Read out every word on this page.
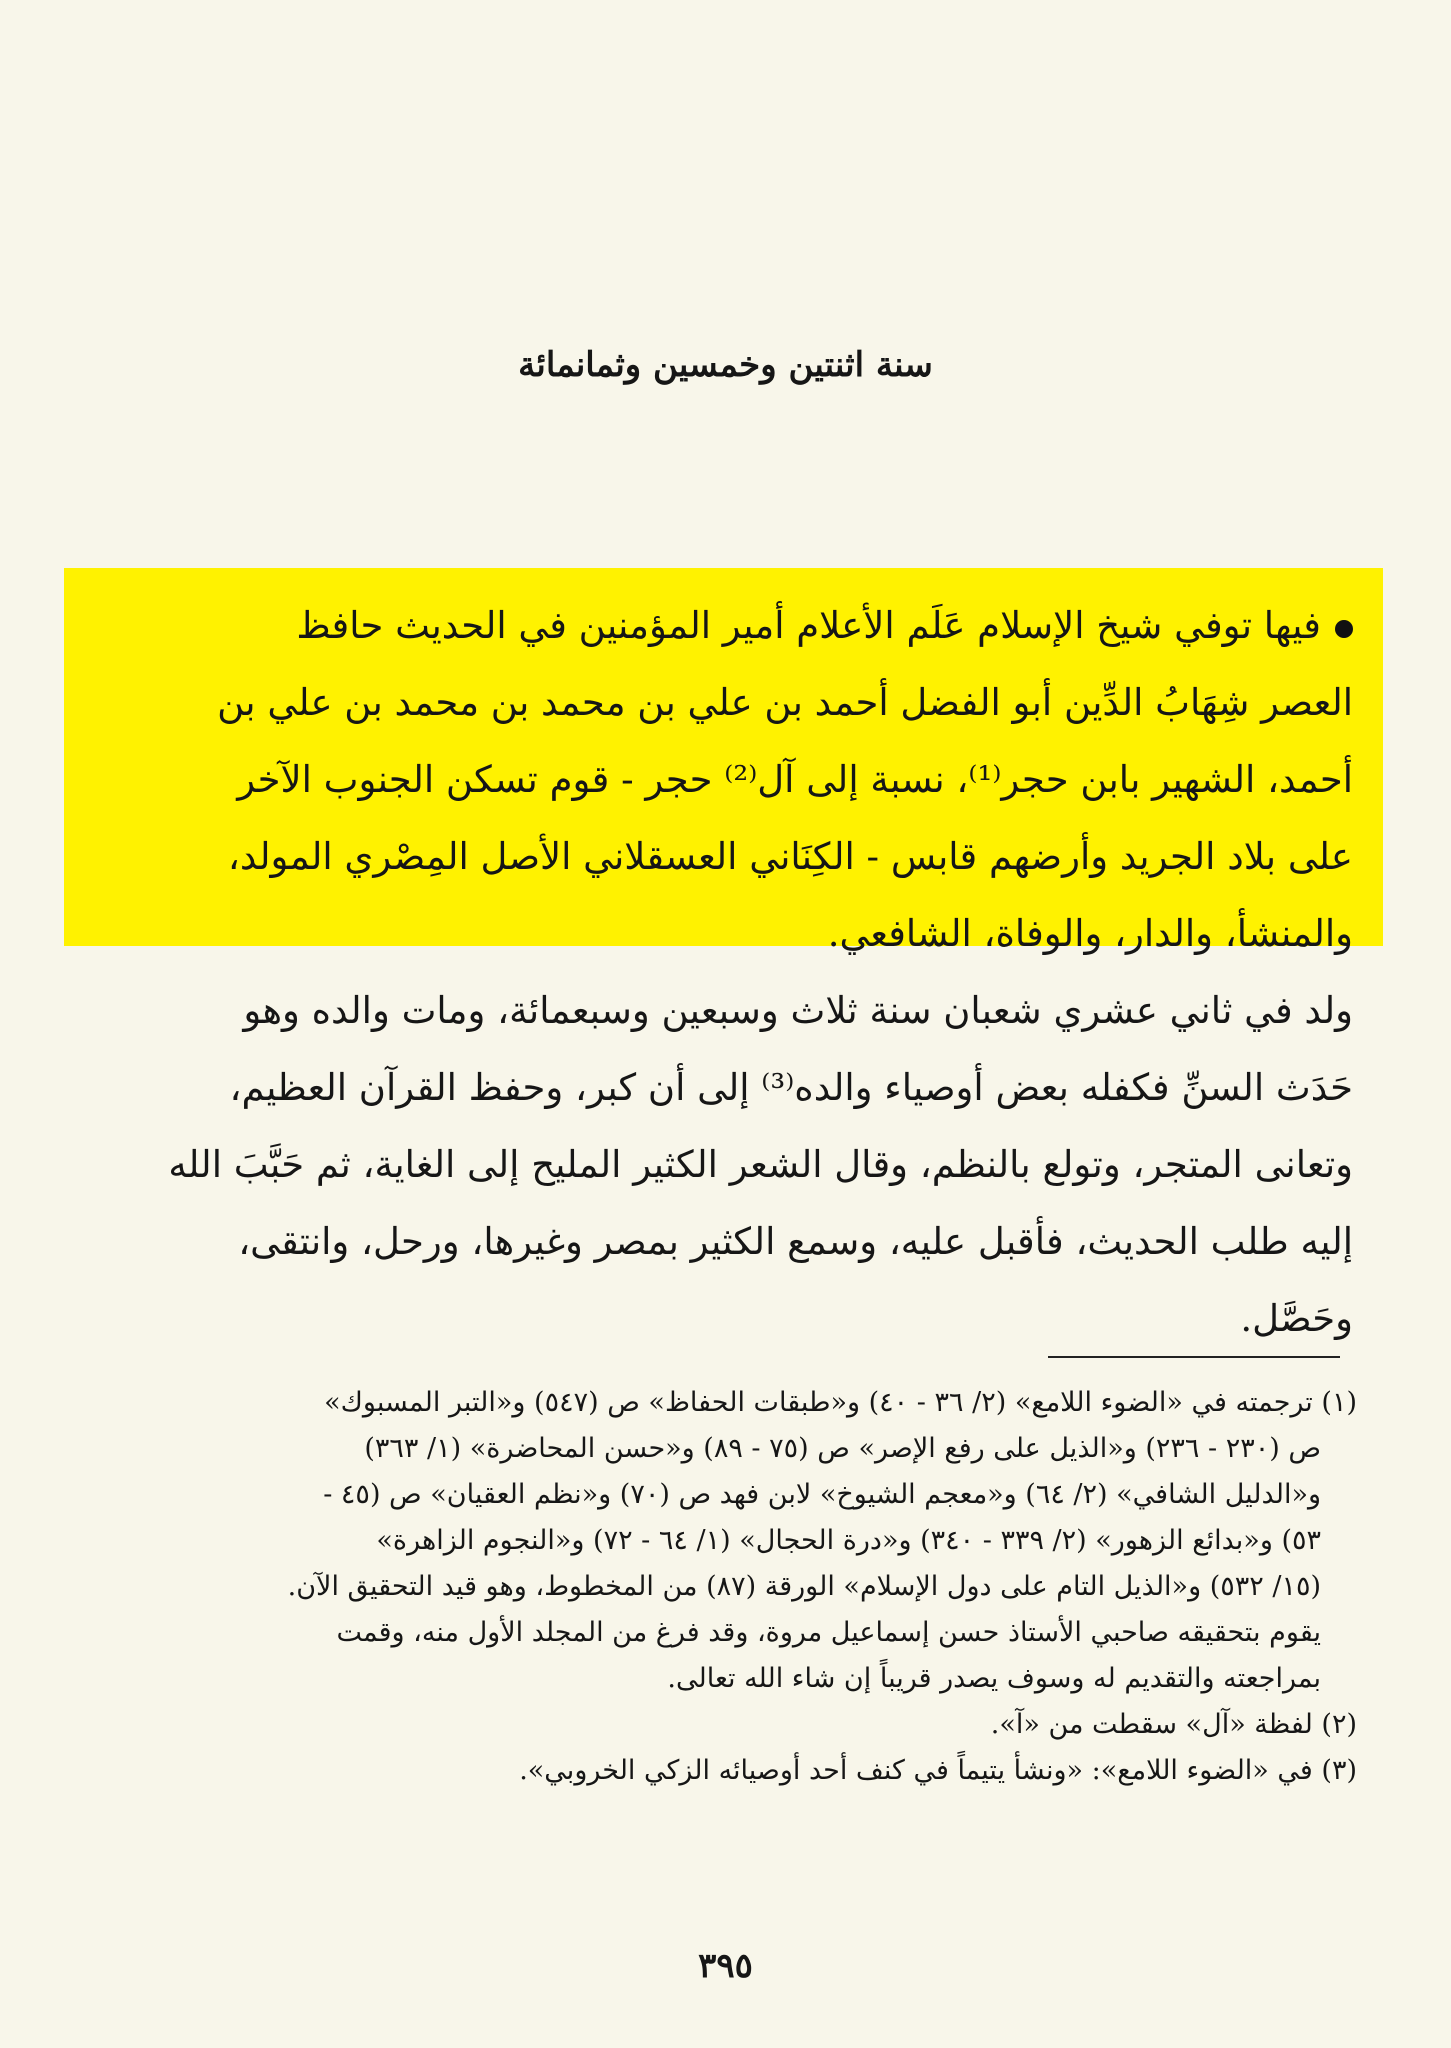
سنة اثنتين وخمسين وثمانمائة
فيها توفي شيخ الإسلام عَلَم الأعلام أمير المؤمنين في الحديث حافظ
العصر شِهَابُ الدِّين أبو الفضل أحمد بن علي بن محمد بن محمد بن علي بن
أحمد، الشهير بابن حجر⁽¹⁾، نسبة إلى آل⁽²⁾ حجر - قوم تسكن الجنوب الآخر
على بلاد الجريد وأرضهم قابس - الكِنَاني العسقلاني الأصل المِصْري المولد،
والمنشأ، والدار، والوفاة، الشافعي.
ولد في ثاني عشري شعبان سنة ثلاث وسبعين وسبعمائة، ومات والده وهو
حَدَث السنِّ فكفله بعض أوصياء والده⁽³⁾ إلى أن كبر، وحفظ القرآن العظيم،
وتعانى المتجر، وتولع بالنظم، وقال الشعر الكثير المليح إلى الغاية، ثم حَبَّبَ الله
إليه طلب الحديث، فأقبل عليه، وسمع الكثير بمصر وغيرها، ورحل، وانتقى،
وحَصَّل.
(١) ترجمته في «الضوء اللامع» (٢/ ٣٦ - ٤٠) و«طبقات الحفاظ» ص (٥٤٧) و«التبر المسبوك»
ص (٢٣٠ - ٢٣٦) و«الذيل على رفع الإصر» ص (٧٥ - ٨٩) و«حسن المحاضرة» (١/ ٣٦٣)
و«الدليل الشافي» (٢/ ٦٤) و«معجم الشيوخ» لابن فهد ص (٧٠) و«نظم العقيان» ص (٤٥ -
٥٣) و«بدائع الزهور» (٢/ ٣٣٩ - ٣٤٠) و«درة الحجال» (١/ ٦٤ - ٧٢) و«النجوم الزاهرة»
(١٥/ ٥٣٢) و«الذيل التام على دول الإسلام» الورقة (٨٧) من المخطوط، وهو قيد التحقيق الآن.
يقوم بتحقيقه صاحبي الأستاذ حسن إسماعيل مروة، وقد فرغ من المجلد الأول منه، وقمت
بمراجعته والتقديم له وسوف يصدر قريباً إن شاء الله تعالى.
(٢) لفظة «آل» سقطت من «آ».
(٣) في «الضوء اللامع»: «ونشأ يتيماً في كنف أحد أوصيائه الزكي الخروبي».
٣٩٥
